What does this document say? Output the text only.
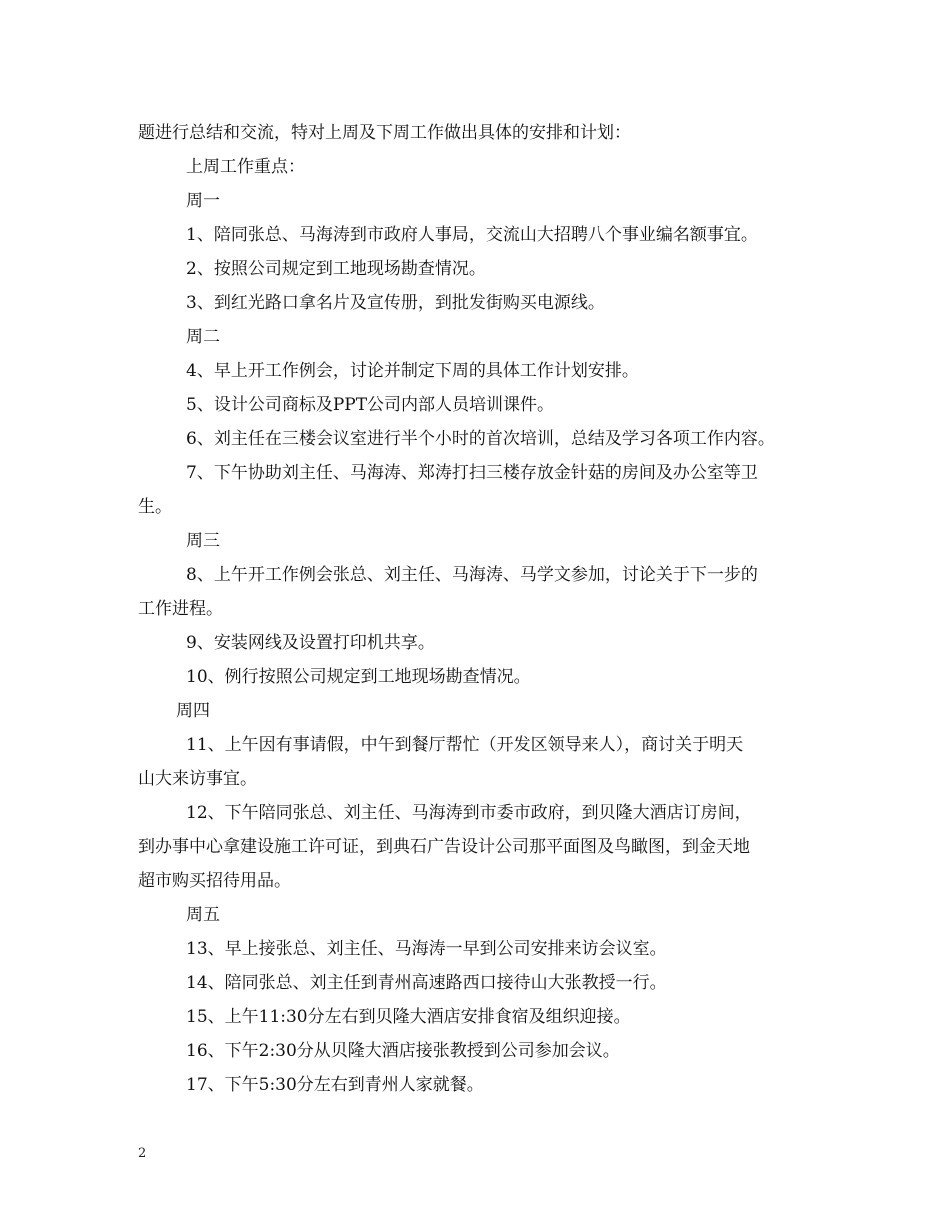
题进行总结和交流，特对上周及下周工作做出具体的安排和计划：
上周工作重点：
周一
1、陪同张总、马海涛到市政府人事局，交流山大招聘八个事业编名额事宜。
2、按照公司规定到工地现场勘查情况。
3、到红光路口拿名片及宣传册，到批发街购买电源线。
周二
4、早上开工作例会，讨论并制定下周的具体工作计划安排。
5、设计公司商标及PPT公司内部人员培训课件。
6、刘主任在三楼会议室进行半个小时的首次培训，总结及学习各项工作内容。
7、下午协助刘主任、马海涛、郑涛打扫三楼存放金针菇的房间及办公室等卫
生。
周三
8、上午开工作例会张总、刘主任、马海涛、马学文参加，讨论关于下一步的
工作进程。
9、安装网线及设置打印机共享。
10、例行按照公司规定到工地现场勘查情况。
周四
11、上午因有事请假，中午到餐厅帮忙（开发区领导来人），商讨关于明天
山大来访事宜。
12、下午陪同张总、刘主任、马海涛到市委市政府，到贝隆大酒店订房间，
到办事中心拿建设施工许可证，到典石广告设计公司那平面图及鸟瞰图，到金天地
超市购买招待用品。
周五
13、早上接张总、刘主任、马海涛一早到公司安排来访会议室。
14、陪同张总、刘主任到青州高速路西口接待山大张教授一行。
15、上午11:30分左右到贝隆大酒店安排食宿及组织迎接。
16、下午2:30分从贝隆大酒店接张教授到公司参加会议。
17、下午5:30分左右到青州人家就餐。
2
